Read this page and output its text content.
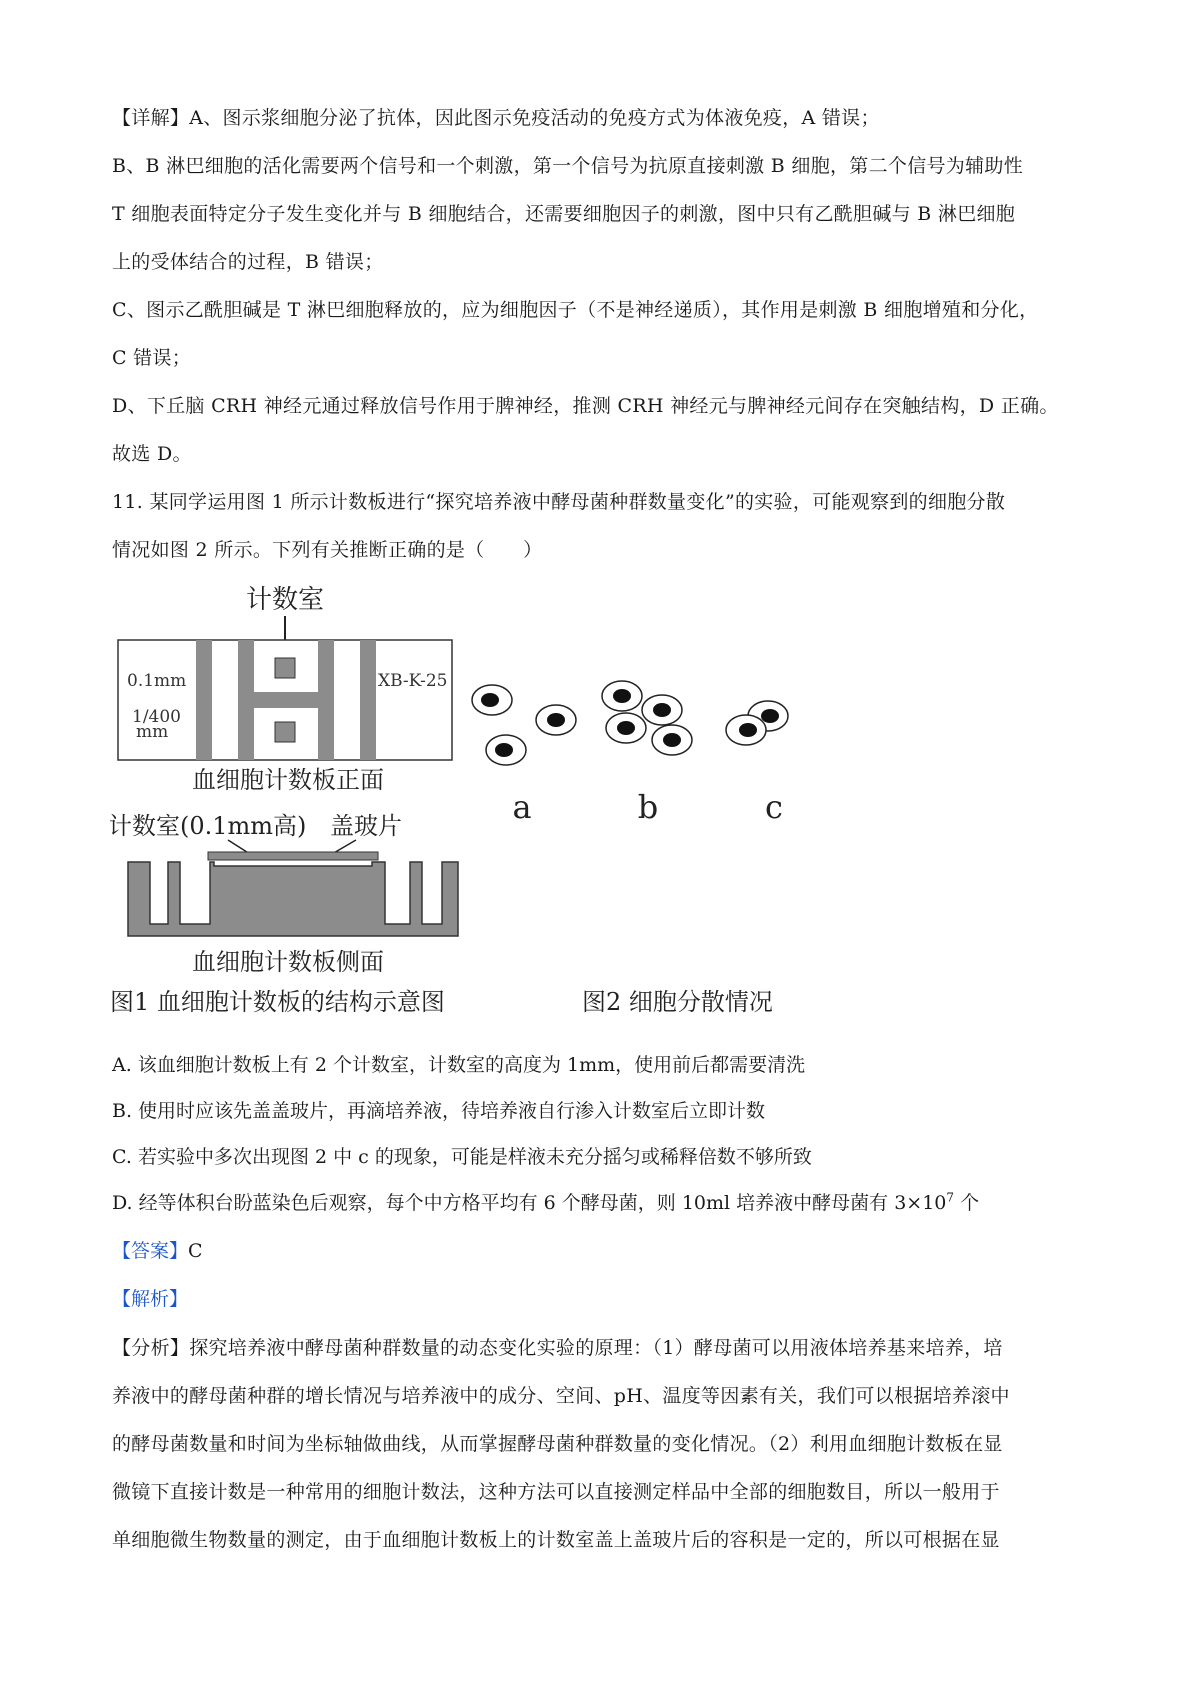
【详解】A、图示浆细胞分泌了抗体，因此图示免疫活动的免疫方式为体液免疫，A 错误；
B、B 淋巴细胞的活化需要两个信号和一个刺激，第一个信号为抗原直接刺激 B 细胞，第二个信号为辅助性
T 细胞表面特定分子发生变化并与 B 细胞结合，还需要细胞因子的刺激，图中只有乙酰胆碱与 B 淋巴细胞
上的受体结合的过程，B 错误；
C、图示乙酰胆碱是 T 淋巴细胞释放的，应为细胞因子（不是神经递质），其作用是刺激 B 细胞增殖和分化，
C 错误；
D、下丘脑 CRH 神经元通过释放信号作用于脾神经，推测 CRH 神经元与脾神经元间存在突触结构，D 正确。
故选 D。
11. 某同学运用图 1 所示计数板进行“探究培养液中酵母菌种群数量变化”的实验，可能观察到的细胞分散
情况如图 2 所示。下列有关推断正确的是（　　）
计数室
0.1mm
1/400
mm
XB-K-25
血细胞计数板正面
计数室(0.1mm高) 盖玻片
血细胞计数板侧面
图1 血细胞计数板的结构示意图
a	b	c
图2 细胞分散情况
A. 该血细胞计数板上有 2 个计数室，计数室的高度为 1mm，使用前后都需要清洗
B. 使用时应该先盖盖玻片，再滴培养液，待培养液自行渗入计数室后立即计数
C. 若实验中多次出现图 2 中 c 的现象，可能是样液未充分摇匀或稀释倍数不够所致
D. 经等体积台盼蓝染色后观察，每个中方格平均有 6 个酵母菌，则 10ml 培养液中酵母菌有 $3\times 10^7$ 个
【答案】C
【解析】
【分析】探究培养液中酵母菌种群数量的动态变化实验的原理：（1）酵母菌可以用液体培养基来培养，培
养液中的酵母菌种群的增长情况与培养液中的成分、空间、pH、温度等因素有关，我们可以根据培养滚中
的酵母菌数量和时间为坐标轴做曲线，从而掌握酵母菌种群数量的变化情况。（2）利用血细胞计数板在显
微镜下直接计数是一种常用的细胞计数法，这种方法可以直接测定样品中全部的细胞数目，所以一般用于
单细胞微生物数量的测定，由于血细胞计数板上的计数室盖上盖玻片后的容积是一定的，所以可根据在显
